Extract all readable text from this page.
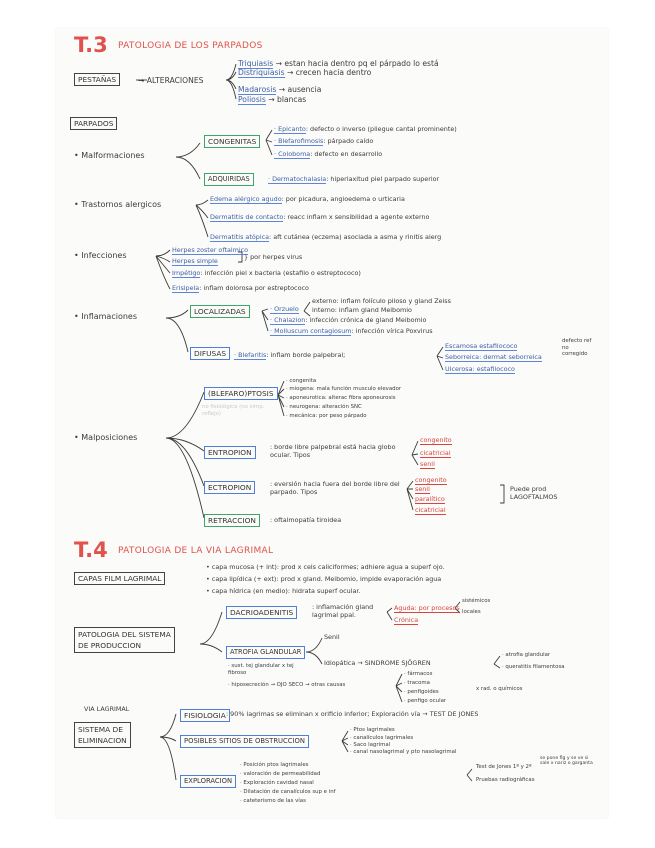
T.3 PATOLOGIA DE LOS PARPADOS
PESTAÑAS	→ ALTERACIONES
Triquiasis → estan hacia dentro pq el párpado lo está
Distriquiasis → crecen hacia dentro
Madarosis → ausencia
Poliosis → blancas
PARPADOS
• Malformaciones
CONGENITAS
· Epicanto: defecto o inverso (pliegue cantal prominente)
· Blefarofimosis: párpado caído
· Coloboma: defecto en desarrollo
ADQUIRIDAS	· Dermatochalasia: hiperlaxitud piel parpado superior
• Trastornos alergicos
Edema alérgico agudo: por picadura, angioedema o urticaria
Dermatitis de contacto: reacc inflam x sensibilidad a agente externo
Dermatitis atópica: aft cutánea (eczema) asociada a asma y rinitis alerg
• Infecciones
Herpes zoster oftalmico
Herpes simple	} por herpes virus
Impétigo: infección piel x bacteria (estafilo o estreptococo)
Erisipela: inflam dolorosa por estreptococo
• Inflamaciones
LOCALIZADAS	· Orzuelo
externo: inflam folículo piloso y gland Zeiss
interno: inflam gland Meibomio
· Chalazion: infección crónica de gland Meibomio
· Molluscum contagiosum: infección vírica Poxvirus
DIFUSAS	· Blefaritis: inflam borde palpebral;
Escamosa estafilococo
Seborreica: dermat seborreica
Ulcerosa: estafilococo
defecto ref no corregido
• Malposiciones
(BLEFARO)PTOSIS
no fisiológica (no simp. reflejo)
· congenita
· miogena: mala función musculo elevador
· aponeurotica: alterac fibra aponeurosis
· neurogena: alteración SNC
· mecánica: por peso párpado
ENTROPION
: borde libre palpebral está hacia globo ocular. Tipos
congenito
cicatricial
senil
ECTROPION	: eversión hacia fuera del borde libre del parpado. Tipos
congenito
senil
paralítico
cicatricial
Puede prod LAGOFTALMOS
RETRACCION	: oftalmopatía tiroidea
T.4 PATOLOGIA DE LA VIA LAGRIMAL
CAPAS FILM LAGRIMAL
• capa mucosa (+ int): prod x cels caliciformes; adhiere agua a superf ojo.
• capa lipídica (+ ext): prod x gland. Meibomio, impide evaporación agua
• capa hídrica (en medio): hidrata superf ocular.
PATOLOGIA DEL SISTEMA
DE PRODUCCION
DACRIOADENITIS
: inflamación gland lagrimal ppal.
Aguda: por procesos
Crónica
sistémicos
locales
ATROFIA GLANDULAR
Senil
Idiopática → SINDROME SJÖGREN
· atrofia glandular
· queratitis filamentosa
· sust. tej glandular x tej fibroso
· hiposecreción → OJO SECO → otras causas
· fármacos
· tracoma
· penfigoides
· penfigo ocular
x rad. o químicos
VIA LAGRIMAL
SISTEMA DE
ELIMINACION
FISIOLOGIA : 90% lagrimas se eliminan x orificio inferior; Exploración vía → TEST DE JONES
POSIBLES SITIOS DE OBSTRUCCION
· Ptos lagrimales
· canalículos lagrimales
· Saco lagrimal
· canal nasolagrimal y pto nasolagrimal
EXPLORACION
· Posición ptos lagrimales
· valoración de permeabilidad
· Exploración cavidad nasal
· Dilatación de canalículos sup e inf
· cateterismo de las vías
Test de Jones 1º y 2º
Pruebas radiográficas
se pone flg y se ve si sale x nariz o garganta
